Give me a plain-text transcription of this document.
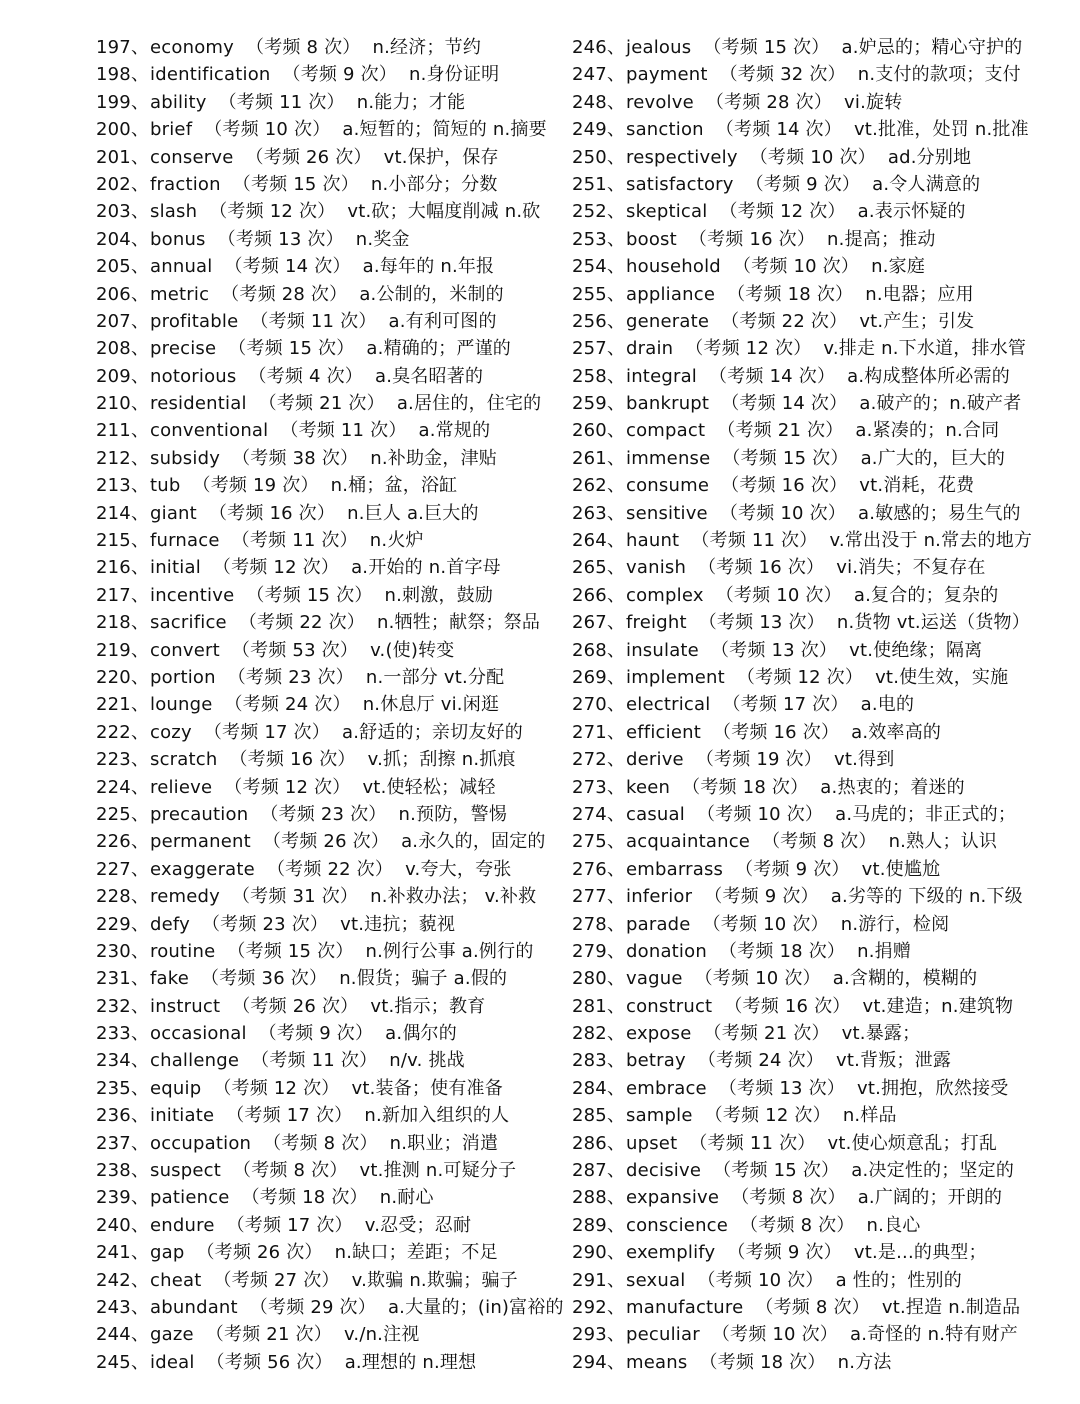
197、economy （考频 8 次） n.经济；节约
198、identification （考频 9 次） n.身份证明
199、ability （考频 11 次） n.能力；才能
200、brief （考频 10 次） a.短暂的；简短的 n.摘要
201、conserve （考频 26 次） vt.保护，保存
202、fraction （考频 15 次） n.小部分；分数
203、slash （考频 12 次） vt.砍；大幅度削减 n.砍
204、bonus （考频 13 次） n.奖金
205、annual （考频 14 次） a.每年的 n.年报
206、metric （考频 28 次） a.公制的，米制的
207、profitable （考频 11 次） a.有利可图的
208、precise （考频 15 次） a.精确的；严谨的
209、notorious （考频 4 次） a.臭名昭著的
210、residential （考频 21 次） a.居住的，住宅的
211、conventional （考频 11 次） a.常规的
212、subsidy （考频 38 次） n.补助金，津贴
213、tub （考频 19 次） n.桶；盆，浴缸
214、giant （考频 16 次） n.巨人 a.巨大的
215、furnace （考频 11 次） n.火炉
216、initial （考频 12 次） a.开始的 n.首字母
217、incentive （考频 15 次） n.刺激，鼓励
218、sacrifice （考频 22 次） n.牺牲；献祭；祭品
219、convert （考频 53 次） v.(使)转变
220、portion （考频 23 次） n.一部分 vt.分配
221、lounge （考频 24 次） n.休息厅 vi.闲逛
222、cozy （考频 17 次） a.舒适的；亲切友好的
223、scratch （考频 16 次） v.抓；刮擦 n.抓痕
224、relieve （考频 12 次） vt.使轻松；减轻
225、precaution （考频 23 次） n.预防，警惕
226、permanent （考频 26 次） a.永久的，固定的
227、exaggerate （考频 22 次） v.夸大，夸张
228、remedy （考频 31 次） n.补救办法； v.补救
229、defy （考频 23 次） vt.违抗；藐视
230、routine （考频 15 次） n.例行公事 a.例行的
231、fake （考频 36 次） n.假货；骗子 a.假的
232、instruct （考频 26 次） vt.指示；教育
233、occasional （考频 9 次） a.偶尔的
234、challenge （考频 11 次） n/v. 挑战
235、equip （考频 12 次） vt.装备；使有准备
236、initiate （考频 17 次） n.新加入组织的人
237、occupation （考频 8 次） n.职业；消遣
238、suspect （考频 8 次） vt.推测 n.可疑分子
239、patience （考频 18 次） n.耐心
240、endure （考频 17 次） v.忍受；忍耐
241、gap （考频 26 次） n.缺口；差距；不足
242、cheat （考频 27 次） v.欺骗 n.欺骗；骗子
243、abundant （考频 29 次） a.大量的；(in)富裕的
244、gaze （考频 21 次） v./n.注视
245、ideal （考频 56 次） a.理想的 n.理想
246、jealous （考频 15 次） a.妒忌的；精心守护的
247、payment （考频 32 次） n.支付的款项；支付
248、revolve （考频 28 次） vi.旋转
249、sanction （考频 14 次） vt.批准，处罚 n.批准
250、respectively （考频 10 次） ad.分别地
251、satisfactory （考频 9 次） a.令人满意的
252、skeptical （考频 12 次） a.表示怀疑的
253、boost （考频 16 次） n.提高；推动
254、household （考频 10 次） n.家庭
255、appliance （考频 18 次） n.电器；应用
256、generate （考频 22 次） vt.产生；引发
257、drain （考频 12 次） v.排走 n.下水道，排水管
258、integral （考频 14 次） a.构成整体所必需的
259、bankrupt （考频 14 次） a.破产的；n.破产者
260、compact （考频 21 次） a.紧凑的；n.合同
261、immense （考频 15 次） a.广大的，巨大的
262、consume （考频 16 次） vt.消耗，花费
263、sensitive （考频 10 次） a.敏感的；易生气的
264、haunt （考频 11 次） v.常出没于 n.常去的地方
265、vanish （考频 16 次） vi.消失；不复存在
266、complex （考频 10 次） a.复合的；复杂的
267、freight （考频 13 次） n.货物 vt.运送（货物）
268、insulate （考频 13 次） vt.使绝缘；隔离
269、implement （考频 12 次） vt.使生效，实施
270、electrical （考频 17 次） a.电的
271、efficient （考频 16 次） a.效率高的
272、derive （考频 19 次） vt.得到
273、keen （考频 18 次） a.热衷的；着迷的
274、casual （考频 10 次） a.马虎的；非正式的；
275、acquaintance （考频 8 次） n.熟人；认识
276、embarrass （考频 9 次） vt.使尴尬
277、inferior （考频 9 次） a.劣等的 下级的 n.下级
278、parade （考频 10 次） n.游行，检阅
279、donation （考频 18 次） n.捐赠
280、vague （考频 10 次） a.含糊的，模糊的
281、construct （考频 16 次） vt.建造；n.建筑物
282、expose （考频 21 次） vt.暴露；
283、betray （考频 24 次） vt.背叛；泄露
284、embrace （考频 13 次） vt.拥抱，欣然接受
285、sample （考频 12 次） n.样品
286、upset （考频 11 次） vt.使心烦意乱；打乱
287、decisive （考频 15 次） a.决定性的；坚定的
288、expansive （考频 8 次） a.广阔的；开朗的
289、conscience （考频 8 次） n.良心
290、exemplify （考频 9 次） vt.是...的典型；
291、sexual （考频 10 次） a 性的；性别的
292、manufacture （考频 8 次） vt.捏造 n.制造品
293、peculiar （考频 10 次） a.奇怪的 n.特有财产
294、means （考频 18 次） n.方法
